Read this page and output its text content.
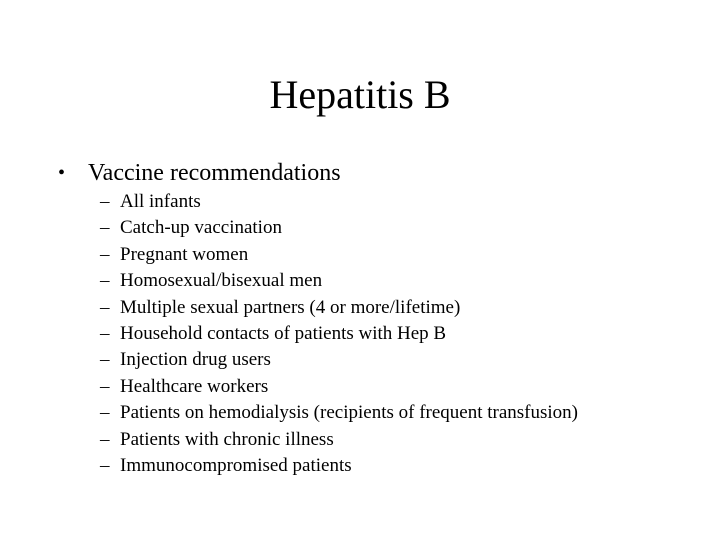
Hepatitis B
• Vaccine recommendations
– All infants
– Catch-up vaccination
– Pregnant women
– Homosexual/bisexual men
– Multiple sexual partners (4 or more/lifetime)
– Household contacts of patients with Hep B
– Injection drug users
– Healthcare workers
– Patients on hemodialysis (recipients of frequent transfusion)
– Patients with chronic illness
– Immunocompromised patients
